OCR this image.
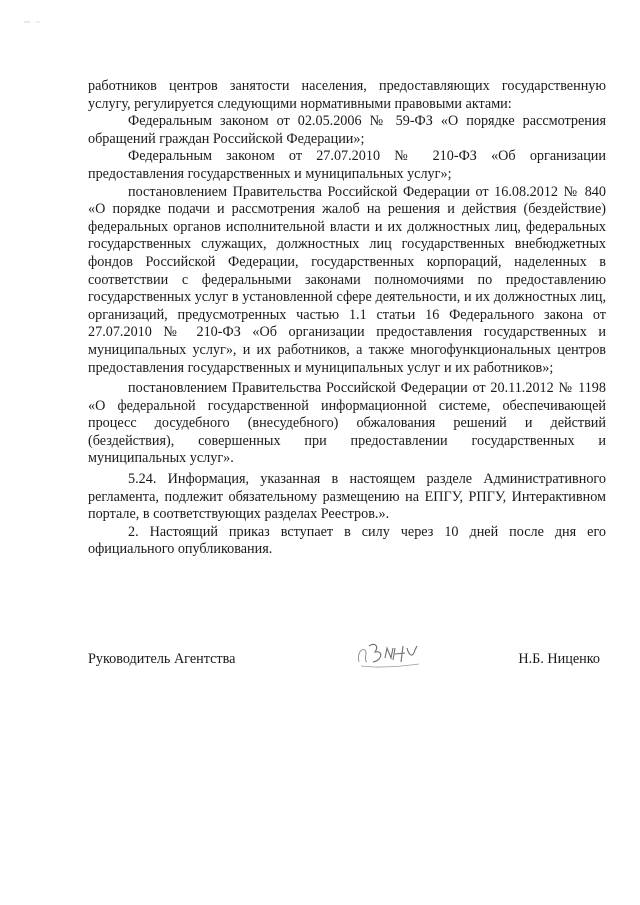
работников центров занятости населения, предоставляющих государственную услугу, регулируется следующими нормативными правовыми актами:

Федеральным законом от 02.05.2006 № 59-ФЗ «О порядке рассмотрения обращений граждан Российской Федерации»;

Федеральным законом от 27.07.2010 № 210-ФЗ «Об организации предоставления государственных и муниципальных услуг»;

постановлением Правительства Российской Федерации от 16.08.2012 № 840 «О порядке подачи и рассмотрения жалоб на решения и действия (бездействие) федеральных органов исполнительной власти и их должностных лиц, федеральных государственных служащих, должностных лиц государственных внебюджетных фондов Российской Федерации, государственных корпораций, наделенных в соответствии с федеральными законами полномочиями по предоставлению государственных услуг в установленной сфере деятельности, и их должностных лиц, организаций, предусмотренных частью 1.1 статьи 16 Федерального закона от 27.07.2010 № 210-ФЗ «Об организации предоставления государственных и муниципальных услуг», и их работников, а также многофункциональных центров предоставления государственных и муниципальных услуг и их работников»;

постановлением Правительства Российской Федерации от 20.11.2012 № 1198 «О федеральной государственной информационной системе, обеспечивающей процесс досудебного (внесудебного) обжалования решений и действий (бездействия), совершенных при предоставлении государственных и муниципальных услуг».

5.24. Информация, указанная в настоящем разделе Административного регламента, подлежит обязательному размещению на ЕПГУ, РПГУ, Интерактивном портале, в соответствующих разделах Реестров.».

2. Настоящий приказ вступает в силу через 10 дней после дня его официального опубликования.

Руководитель Агентства	Н.Б. Ниценко
